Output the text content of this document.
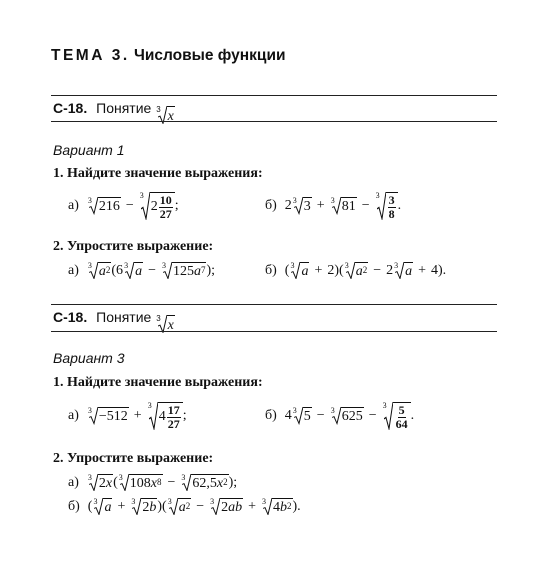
ТЕМА 3. Числовые функции
С-18. Понятие 3 x
Вариант 1
1. Найдите значение выражения:
а) 3 216 −
3
$2 \frac{10}{27}$ ;	б) 2 3 3 + 3 81 −
$3 \frac{3}{8}$ .
2. Упростите выражение:
а) 3 $a^2$ (6 3 a − 3 $125a^7$ );	б) ( 3 a + 2)( 3 $a^2 - 2$ 3 a + 4).
С-18. Понятие 3 x
Вариант 3
1. Найдите значение выражения:
а) 3 −512 +
3
$4 \frac{17}{27}$ ;	б) 4 3 5 − 3 625 −
$3 \frac{5}{64}$ .
2. Упростите выражение:
а) 3 2x ( 3 $108x^8 - 3$ $62,5x^2$ );
б) ( 3 a + 3 2b )( 3 $a^2 - 3$ 2ab + 3 $4b^2$ ).
